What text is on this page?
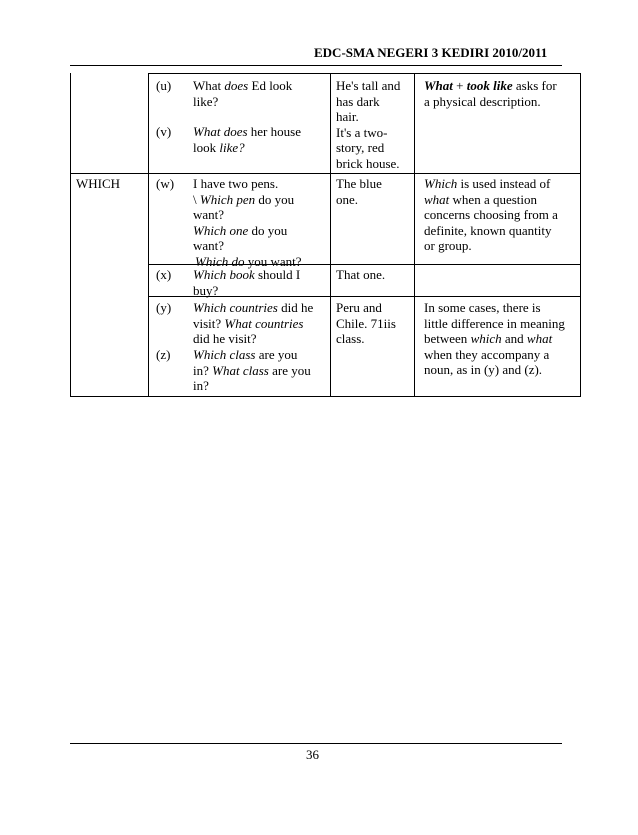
EDC-SMA NEGERI 3 KEDIRI 2010/2011
(u) What does Ed look
like?
(v) What does her house
look like?
He's tall and
has dark
hair.
It's a two-
story, red
brick house.
What + took like asks for
a physical description.
WHICH	(w) I have two pens.
\ Which pen do you
want?
Which one do you
want?
Which do you want?
The blue
one.
Which is used instead of
what when a question
concerns choosing from a
definite, known quantity
or group.
(x) Which book should I
buy?
That one.
(y) Which countries did he
visit? What countries
did he visit?
(z) Which class are you
in? What class are you
in?
Peru and
Chile. 71iis
class.
In some cases, there is
little difference in meaning
between which and what
when they accompany a
noun, as in (y) and (z).
36
